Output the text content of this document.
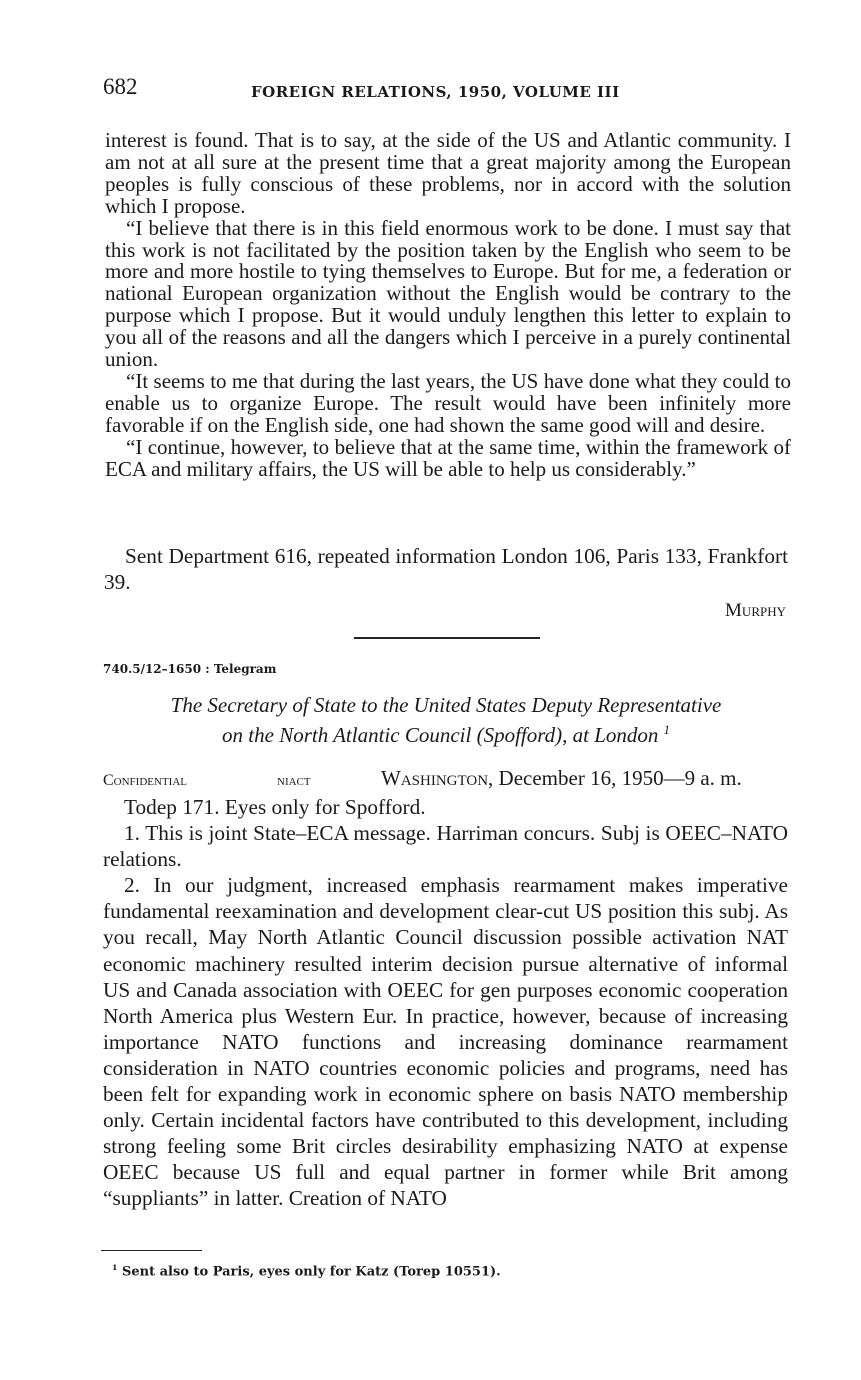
682	FOREIGN RELATIONS, 1950, VOLUME III

interest is found. That is to say, at the side of the US and Atlantic community. I am not at all sure at the present time that a great majority among the European peoples is fully conscious of these problems, nor in accord with the solution which I propose.

“I believe that there is in this field enormous work to be done. I must say that this work is not facilitated by the position taken by the English who seem to be more and more hostile to tying themselves to Europe. But for me, a federation or national European organization without the English would be contrary to the purpose which I propose. But it would unduly lengthen this letter to explain to you all of the reasons and all the dangers which I perceive in a purely continental union.

“It seems to me that during the last years, the US have done what they could to enable us to organize Europe. The result would have been infinitely more favorable if on the English side, one had shown the same good will and desire.

“I continue, however, to believe that at the same time, within the framework of ECA and military affairs, the US will be able to help us considerably.”

Sent Department 616, repeated information London 106, Paris 133, Frankfort 39.
Murphy
740.5/12–1650 : Telegram
The Secretary of State to the United States Deputy Representative
on the North Atlantic Council (Spofford), at London $^1$
Confidential	niact	Washington , December 16, 1950—9 a. m.

Todep 171. Eyes only for Spofford.

1. This is joint State–ECA message. Harriman concurs. Subj is OEEC–NATO relations.

2. In our judgment, increased emphasis rearmament makes imperative fundamental reexamination and development clear-cut US position this subj. As you recall, May North Atlantic Council discussion possible activation NAT economic machinery resulted interim decision pursue alternative of informal US and Canada association with OEEC for gen purposes economic cooperation North America plus Western Eur. In practice, however, because of increasing importance NATO functions and increasing dominance rearmament consideration in NATO countries economic policies and programs, need has been felt for expanding work in economic sphere on basis NATO membership only. Certain incidental factors have contributed to this development, including strong feeling some Brit circles desirability emphasizing NATO at expense OEEC because US full and equal partner in former while Brit among “suppliants” in latter. Creation of NATO

$^1$ Sent also to Paris, eyes only for Katz (Torep 10551).
